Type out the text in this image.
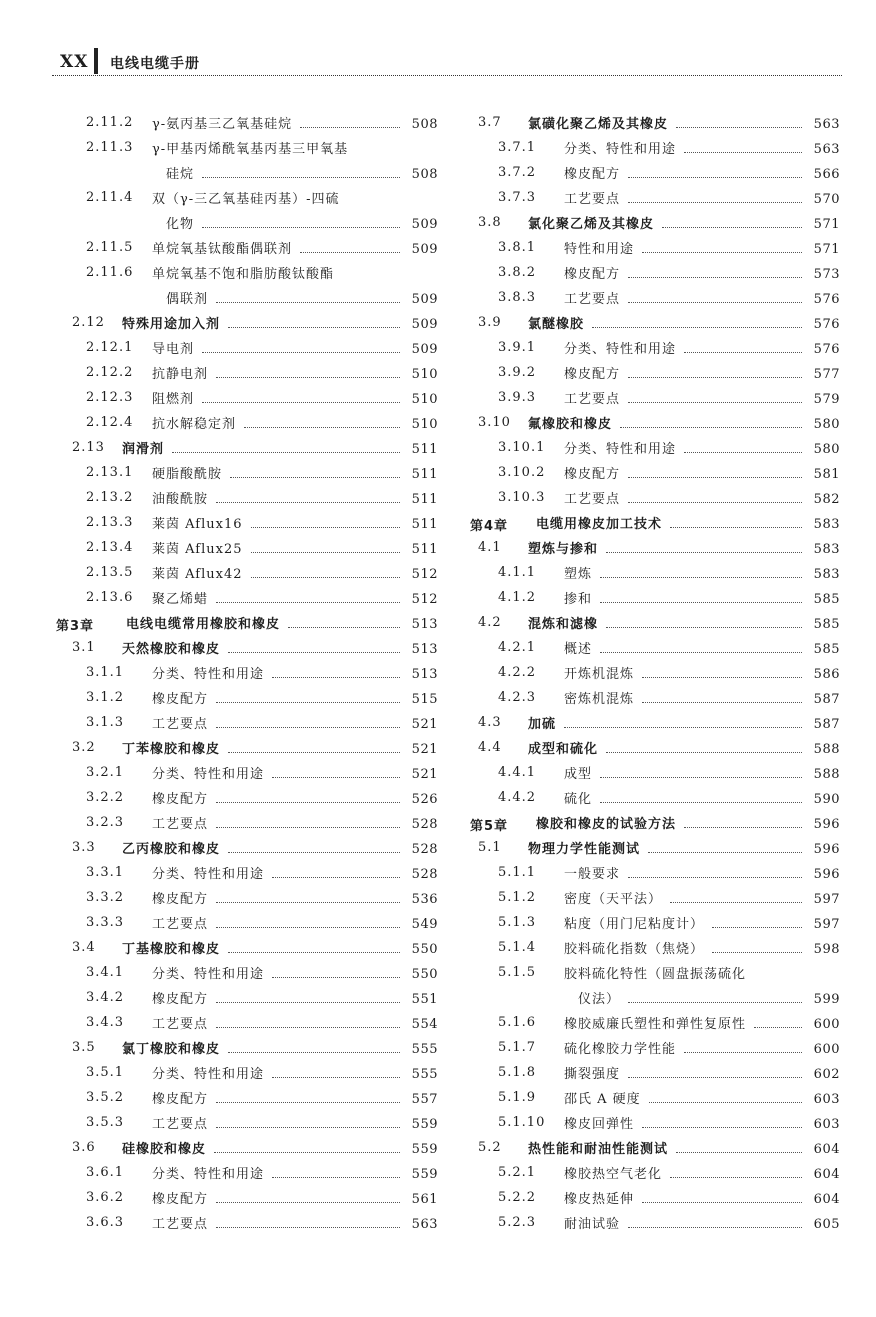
XX 电线电缆手册
2.11.2 γ-氨丙基三乙氧基硅烷	508
2.11.3 γ-甲基丙烯酰氧基丙基三甲氧基
硅烷	508
2.11.4 双（γ-三乙氧基硅丙基）-四硫
化物	509
2.11.5 单烷氧基钛酸酯偶联剂	509
2.11.6 单烷氧基不饱和脂肪酸钛酸酯
偶联剂	509
2.12 特殊用途加入剂	509
2.12.1 导电剂	509
2.12.2 抗静电剂	510
2.12.3 阻燃剂	510
2.12.4 抗水解稳定剂	510
2.13 润滑剂	511
2.13.1 硬脂酸酰胺	511
2.13.2 油酸酰胺	511
2.13.3 莱茵 Aflux16	511
2.13.4 莱茵 Aflux25	511
2.13.5 莱茵 Aflux42	512
2.13.6 聚乙烯蜡	512
第3章 电线电缆常用橡胶和橡皮	513
3.1 天然橡胶和橡皮	513
3.1.1 分类、特性和用途	513
3.1.2 橡皮配方	515
3.1.3 工艺要点	521
3.2 丁苯橡胶和橡皮	521
3.2.1 分类、特性和用途	521
3.2.2 橡皮配方	526
3.2.3 工艺要点	528
3.3 乙丙橡胶和橡皮	528
3.3.1 分类、特性和用途	528
3.3.2 橡皮配方	536
3.3.3 工艺要点	549
3.4 丁基橡胶和橡皮	550
3.4.1 分类、特性和用途	550
3.4.2 橡皮配方	551
3.4.3 工艺要点	554
3.5 氯丁橡胶和橡皮	555
3.5.1 分类、特性和用途	555
3.5.2 橡皮配方	557
3.5.3 工艺要点	559
3.6 硅橡胶和橡皮	559
3.6.1 分类、特性和用途	559
3.6.2 橡皮配方	561
3.6.3 工艺要点	563
3.7 氯磺化聚乙烯及其橡皮	563
3.7.1 分类、特性和用途	563
3.7.2 橡皮配方	566
3.7.3 工艺要点	570
3.8 氯化聚乙烯及其橡皮	571
3.8.1 特性和用途	571
3.8.2 橡皮配方	573
3.8.3 工艺要点	576
3.9 氯醚橡胶	576
3.9.1 分类、特性和用途	576
3.9.2 橡皮配方	577
3.9.3 工艺要点	579
3.10 氟橡胶和橡皮	580
3.10.1 分类、特性和用途	580
3.10.2 橡皮配方	581
3.10.3 工艺要点	582
第4章 电缆用橡皮加工技术	583
4.1 塑炼与掺和	583
4.1.1 塑炼	583
4.1.2 掺和	585
4.2 混炼和滤橡	585
4.2.1 概述	585
4.2.2 开炼机混炼	586
4.2.3 密炼机混炼	587
4.3 加硫	587
4.4 成型和硫化	588
4.4.1 成型	588
4.4.2 硫化	590
第5章 橡胶和橡皮的试验方法	596
5.1 物理力学性能测试	596
5.1.1 一般要求	596
5.1.2 密度（天平法）	597
5.1.3 粘度（用门尼粘度计）	597
5.1.4 胶料硫化指数（焦烧）	598
5.1.5 胶料硫化特性（圆盘振荡硫化
仪法）	599
5.1.6 橡胶威廉氏塑性和弹性复原性	600
5.1.7 硫化橡胶力学性能	600
5.1.8 撕裂强度	602
5.1.9 邵氏 A 硬度	603
5.1.10 橡皮回弹性	603
5.2 热性能和耐油性能测试	604
5.2.1 橡胶热空气老化	604
5.2.2 橡皮热延伸	604
5.2.3 耐油试验	605
